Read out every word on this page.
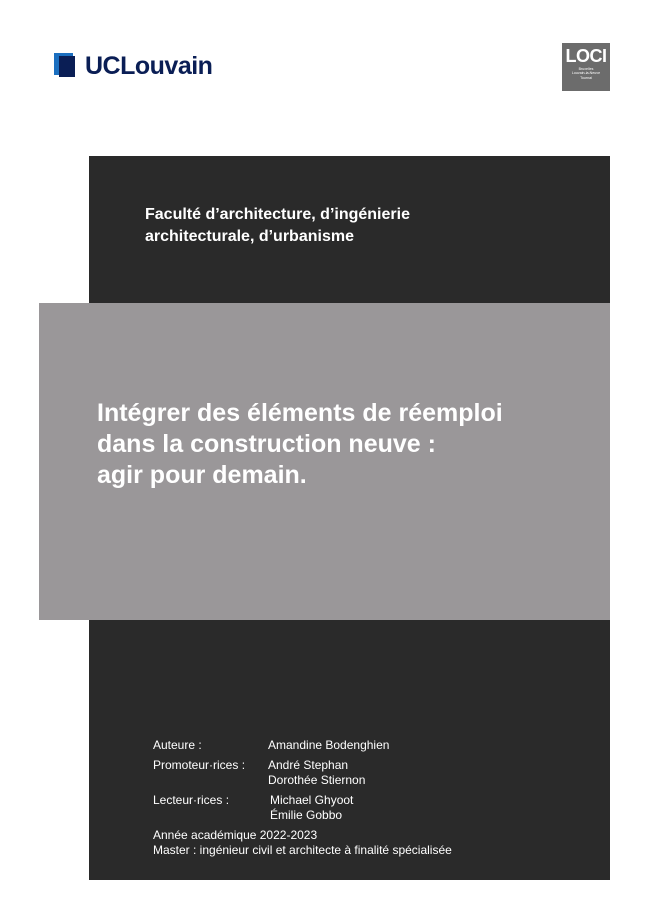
UCLouvain	LOCI
Bruxelles
Louvain-la-Neuve
Tournai
Faculté d’architecture, d’ingénierie
architecturale, d’urbanisme
Intégrer des éléments de réemploi
dans la construction neuve :
agir pour demain.
Auteure :	Amandine Bodenghien
Promoteur·rices :	André Stephan
Dorothée Stiernon
Lecteur·rices :	Michael Ghyoot
Émilie Gobbo
Année académique 2022-2023
Master : ingénieur civil et architecte à finalité spécialisée
